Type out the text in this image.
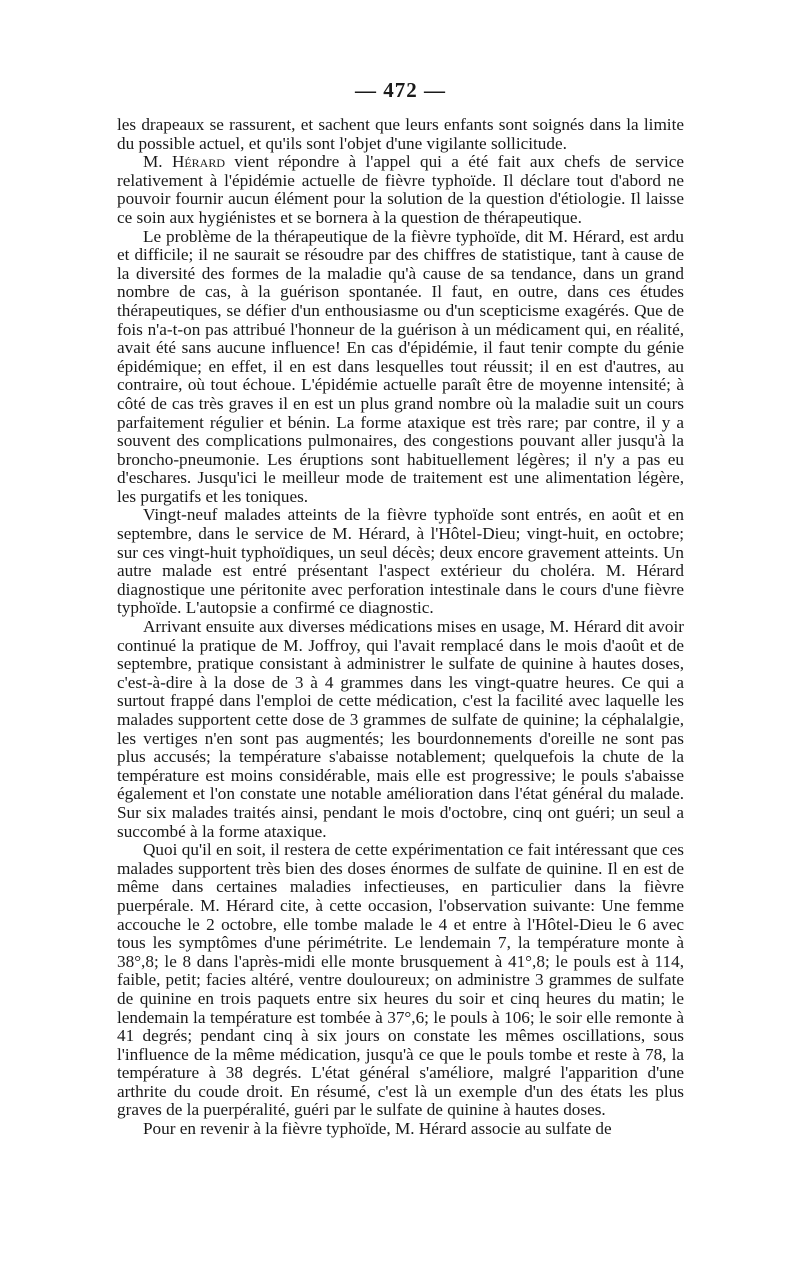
— 472 —

les drapeaux se rassurent, et sachent que leurs enfants sont soignés dans la limite du possible actuel, et qu'ils sont l'objet d'une vigilante sollicitude.

M. Hérard vient répondre à l'appel qui a été fait aux chefs de service relativement à l'épidémie actuelle de fièvre typhoïde. Il déclare tout d'abord ne pouvoir fournir aucun élément pour la solution de la question d'étiologie. Il laisse ce soin aux hygiénistes et se bornera à la question de thérapeutique.

Le problème de la thérapeutique de la fièvre typhoïde, dit M. Hérard, est ardu et difficile; il ne saurait se résoudre par des chiffres de statistique, tant à cause de la diversité des formes de la maladie qu'à cause de sa tendance, dans un grand nombre de cas, à la guérison spontanée. Il faut, en outre, dans ces études thérapeutiques, se défier d'un enthousiasme ou d'un scepticisme exagérés. Que de fois n'a-t-on pas attribué l'honneur de la guérison à un médicament qui, en réalité, avait été sans aucune influence! En cas d'épidémie, il faut tenir compte du génie épidémique; en effet, il en est dans lesquelles tout réussit; il en est d'autres, au contraire, où tout échoue. L'épidémie actuelle paraît être de moyenne intensité; à côté de cas très graves il en est un plus grand nombre où la maladie suit un cours parfaitement régulier et bénin. La forme ataxique est très rare; par contre, il y a souvent des complications pulmonaires, des congestions pouvant aller jusqu'à la broncho-pneumonie. Les éruptions sont habituellement légères; il n'y a pas eu d'eschares. Jusqu'ici le meilleur mode de traitement est une alimentation légère, les purgatifs et les toniques.

Vingt-neuf malades atteints de la fièvre typhoïde sont entrés, en août et en septembre, dans le service de M. Hérard, à l'Hôtel-Dieu; vingt-huit, en octobre; sur ces vingt-huit typhoïdiques, un seul décès; deux encore gravement atteints. Un autre malade est entré présentant l'aspect extérieur du choléra. M. Hérard diagnostique une péritonite avec perforation intestinale dans le cours d'une fièvre typhoïde. L'autopsie a confirmé ce diagnostic.

Arrivant ensuite aux diverses médications mises en usage, M. Hérard dit avoir continué la pratique de M. Joffroy, qui l'avait remplacé dans le mois d'août et de septembre, pratique consistant à administrer le sulfate de quinine à hautes doses, c'est-à-dire à la dose de 3 à 4 grammes dans les vingt-quatre heures. Ce qui a surtout frappé dans l'emploi de cette médication, c'est la facilité avec laquelle les malades supportent cette dose de 3 grammes de sulfate de quinine; la céphalalgie, les vertiges n'en sont pas augmentés; les bourdonnements d'oreille ne sont pas plus accusés; la température s'abaisse notablement; quelquefois la chute de la température est moins considérable, mais elle est progressive; le pouls s'abaisse également et l'on constate une notable amélioration dans l'état général du malade. Sur six malades traités ainsi, pendant le mois d'octobre, cinq ont guéri; un seul a succombé à la forme ataxique.

Quoi qu'il en soit, il restera de cette expérimentation ce fait intéressant que ces malades supportent très bien des doses énormes de sulfate de quinine. Il en est de même dans certaines maladies infectieuses, en particulier dans la fièvre puerpérale. M. Hérard cite, à cette occasion, l'observation suivante: Une femme accouche le 2 octobre, elle tombe malade le 4 et entre à l'Hôtel-Dieu le 6 avec tous les symptômes d'une périmétrite. Le lendemain 7, la température monte à 38°,8; le 8 dans l'après-midi elle monte brusquement à 41°,8; le pouls est à 114, faible, petit; facies altéré, ventre douloureux; on administre 3 grammes de sulfate de quinine en trois paquets entre six heures du soir et cinq heures du matin; le lendemain la température est tombée à 37°,6; le pouls à 106; le soir elle remonte à 41 degrés; pendant cinq à six jours on constate les mêmes oscillations, sous l'influence de la même médication, jusqu'à ce que le pouls tombe et reste à 78, la température à 38 degrés. L'état général s'améliore, malgré l'apparition d'une arthrite du coude droit. En résumé, c'est là un exemple d'un des états les plus graves de la puerpéralité, guéri par le sulfate de quinine à hautes doses.

Pour en revenir à la fièvre typhoïde, M. Hérard associe au sulfate de
